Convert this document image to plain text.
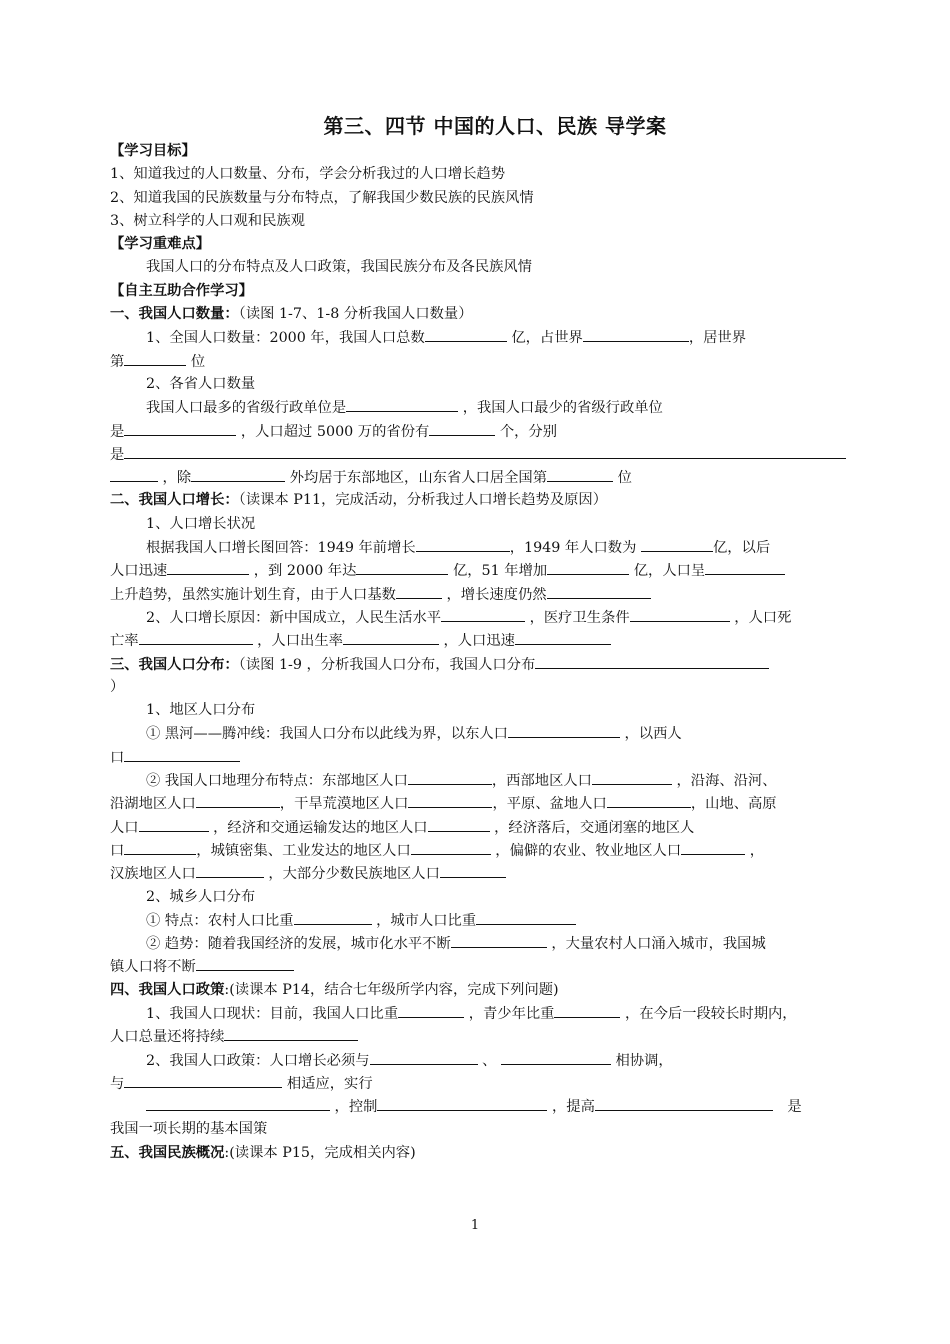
第三、四节 中国的人口、民族 导学案
【学习目标】
1、知道我过的人口数量、分布，学会分析我过的人口增长趋势
2、知道我国的民族数量与分布特点，了解我国少数民族的民族风情
3、树立科学的人口观和民族观
【学习重难点】
我国人口的分布特点及人口政策，我国民族分布及各民族风情
【自主互助合作学习】
一、我国人口数量：（读图 1-7、1-8 分析我国人口数量）
1、全国人口数量：2000 年，我国人口总数	亿，占世界	，居世界
第	位
2、各省人口数量
我国人口最多的省级行政单位是	，我国人口最少的省级行政单位
是	，人口超过 5000 万的省份有	个，分别
是
，除	外均居于东部地区，山东省人口居全国第	位
二、我国人口增长：（读课本 P11，完成活动，分析我过人口增长趋势及原因）
1、人口增长状况
根据我国人口增长图回答：1949 年前增长	，1949 年人口数为	亿，以后
人口迅速	，到 2000 年达	亿，51 年增加	亿，人口呈
上升趋势，虽然实施计划生育，由于人口基数	，增长速度仍然
2、人口增长原因：新中国成立，人民生活水平	，医疗卫生条件	，人口死
亡率	，人口出生率	，人口迅速
三、我国人口分布：（读图 1-9 ，分析我国人口分布，我国人口分布
）
1、地区人口分布
① 黑河——腾冲线：我国人口分布以此线为界，以东人口	，以西人
口
② 我国人口地理分布特点：东部地区人口	，西部地区人口	，沿海、沿河、
沿湖地区人口	，干旱荒漠地区人口	，平原、盆地人口	，山地、高原
人口	，经济和交通运输发达的地区人口	，经济落后，交通闭塞的地区人
口	，城镇密集、工业发达的地区人口	，偏僻的农业、牧业地区人口	，
汉族地区人口	，大部分少数民族地区人口
2、城乡人口分布
① 特点：农村人口比重	，城市人口比重
② 趋势：随着我国经济的发展，城市化水平不断	，大量农村人口涌入城市，我国城
镇人口将不断
四、我国人口政策:(读课本 P14，结合七年级所学内容，完成下列问题)
1、我国人口现状：目前，我国人口比重	，青少年比重	，在今后一段较长时期内，
人口总量还将持续
2、我国人口政策：人口增长必须与	、	相协调，
与	相适应，实行
，控制	，提高	是
我国一项长期的基本国策
五、我国民族概况:(读课本 P15，完成相关内容)
1
